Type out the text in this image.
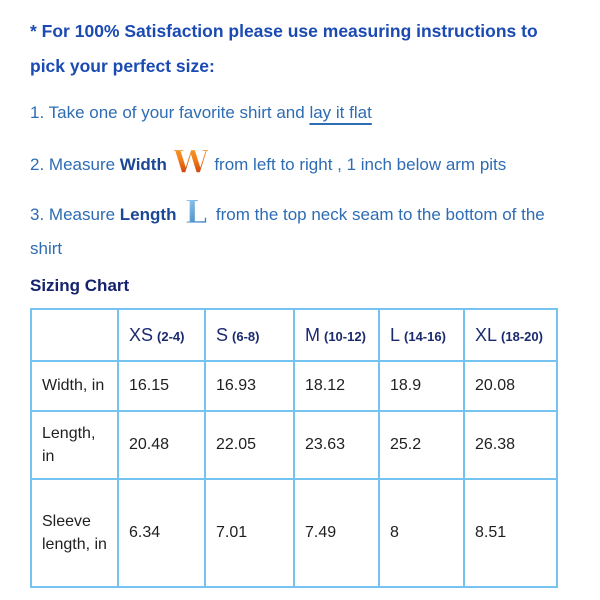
* For 100% Satisfaction please use measuring instructions to pick your perfect size:
1. Take one of your favorite shirt and lay it flat
2. Measure Width W from left to right , 1 inch below arm pits
3. Measure Length L from the top neck seam to the bottom of the shirt
Sizing Chart
	XS (2-4)	S (6-8)	M (10-12)	L (14-16)	XL (18-20)
Width, in	16.15	16.93	18.12	18.9	20.08
Length, in	20.48	22.05	23.63	25.2	26.38
Sleeve length, in	6.34	7.01	7.49	8	8.51
